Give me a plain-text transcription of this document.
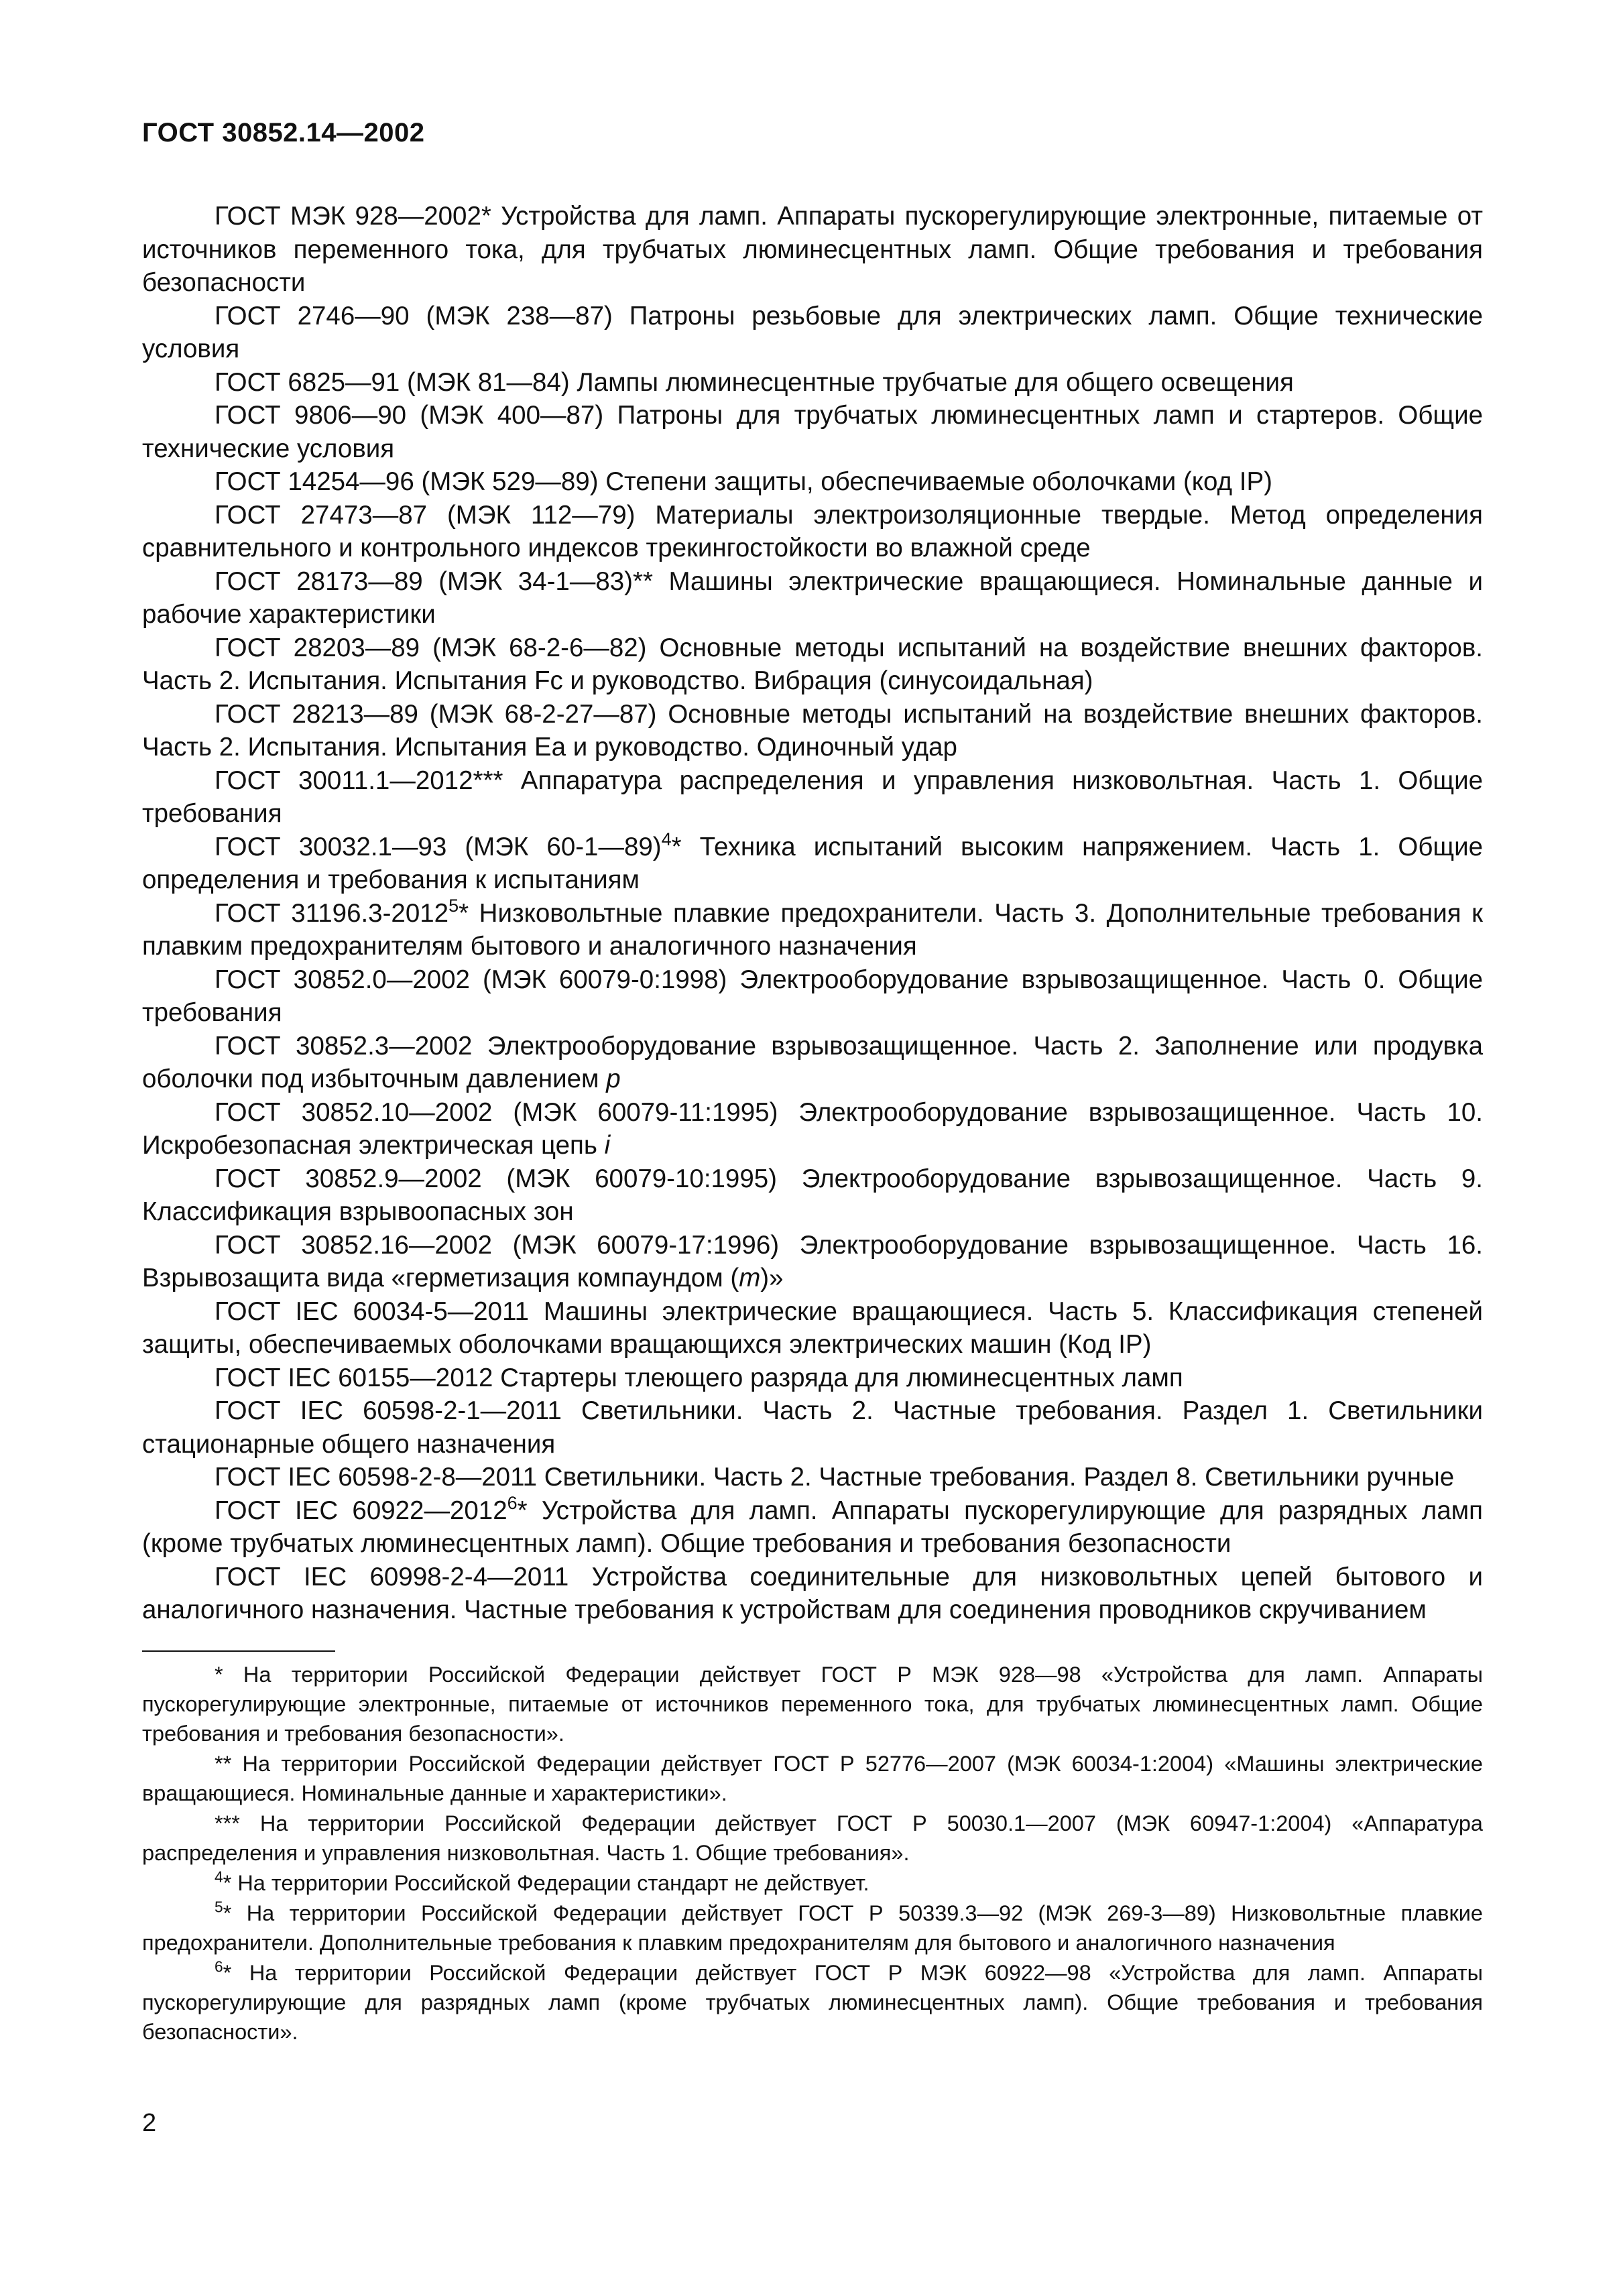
ГОСТ 30852.14—2002

ГОСТ МЭК 928—2002* Устройства для ламп. Аппараты пускорегулирующие электронные, питаемые от источников переменного тока, для трубчатых люминесцентных ламп. Общие требования и требования безопасности

ГОСТ 2746—90 (МЭК 238—87) Патроны резьбовые для электрических ламп. Общие технические условия

ГОСТ 6825—91 (МЭК 81—84) Лампы люминесцентные трубчатые для общего освещения

ГОСТ 9806—90 (МЭК 400—87) Патроны для трубчатых люминесцентных ламп и стартеров. Общие технические условия

ГОСТ 14254—96 (МЭК 529—89) Степени защиты, обеспечиваемые оболочками (код IP)

ГОСТ 27473—87 (МЭК 112—79) Материалы электроизоляционные твердые. Метод определения сравнительного и контрольного индексов трекингостойкости во влажной среде

ГОСТ 28173—89 (МЭК 34-1—83)** Машины электрические вращающиеся. Номинальные данные и рабочие характеристики

ГОСТ 28203—89 (МЭК 68-2-6—82) Основные методы испытаний на воздействие внешних факторов. Часть 2. Испытания. Испытания Fc и руководство. Вибрация (синусоидальная)

ГОСТ 28213—89 (МЭК 68-2-27—87) Основные методы испытаний на воздействие внешних факторов. Часть 2. Испытания. Испытания Еа и руководство. Одиночный удар

ГОСТ 30011.1—2012*** Аппаратура распределения и управления низковольтная. Часть 1. Общие требования

ГОСТ 30032.1—93 (МЭК 60-1—89)$^4$* Техника испытаний высоким напряжением. Часть 1. Общие определения и требования к испытаниям

ГОСТ 31196.3-2012$^5$* Низковольтные плавкие предохранители. Часть 3. Дополнительные требования к плавким предохранителям бытового и аналогичного назначения

ГОСТ 30852.0—2002 (МЭК 60079-0:1998) Электрооборудование взрывозащищенное. Часть 0. Общие требования

ГОСТ 30852.3—2002 Электрооборудование взрывозащищенное. Часть 2. Заполнение или продувка оболочки под избыточным давлением p

ГОСТ 30852.10—2002 (МЭК 60079-11:1995) Электрооборудование взрывозащищенное. Часть 10. Искробезопасная электрическая цепь i

ГОСТ 30852.9—2002 (МЭК 60079-10:1995) Электрооборудование взрывозащищенное. Часть 9. Классификация взрывоопасных зон

ГОСТ 30852.16—2002 (МЭК 60079-17:1996) Электрооборудование взрывозащищенное. Часть 16. Взрывозащита вида «герметизация компаундом (m)»

ГОСТ IEC 60034-5—2011 Машины электрические вращающиеся. Часть 5. Классификация степеней защиты, обеспечиваемых оболочками вращающихся электрических машин (Код IP)

ГОСТ IEC 60155—2012 Стартеры тлеющего разряда для люминесцентных ламп

ГОСТ IEC 60598-2-1—2011 Светильники. Часть 2. Частные требования. Раздел 1. Светильники стационарные общего назначения

ГОСТ IEC 60598-2-8—2011 Светильники. Часть 2. Частные требования. Раздел 8. Светильники ручные

ГОСТ IEC 60922—2012$^6$* Устройства для ламп. Аппараты пускорегулирующие для разрядных ламп (кроме трубчатых люминесцентных ламп). Общие требования и требования безопасности

ГОСТ IEC 60998-2-4—2011 Устройства соединительные для низковольтных цепей бытового и аналогичного назначения. Частные требования к устройствам для соединения проводников скручиванием

* На территории Российской Федерации действует ГОСТ Р МЭК 928—98 «Устройства для ламп. Аппараты пускорегулирующие электронные, питаемые от источников переменного тока, для трубчатых люминесцентных ламп. Общие требования и требования безопасности».

** На территории Российской Федерации действует ГОСТ Р 52776—2007 (МЭК 60034-1:2004) «Машины электрические вращающиеся. Номинальные данные и характеристики».

*** На территории Российской Федерации действует ГОСТ Р 50030.1—2007 (МЭК 60947-1:2004) «Аппаратура распределения и управления низковольтная. Часть 1. Общие требования».

$^4$* На территории Российской Федерации стандарт не действует.

$^5$* На территории Российской Федерации действует ГОСТ Р 50339.3—92 (МЭК 269-3—89) Низковольтные плавкие предохранители. Дополнительные требования к плавким предохранителям для бытового и аналогичного назначения

$^6$* На территории Российской Федерации действует ГОСТ Р МЭК 60922—98 «Устройства для ламп. Аппараты пускорегулирующие для разрядных ламп (кроме трубчатых люминесцентных ламп). Общие требования и требования безопасности».

2
